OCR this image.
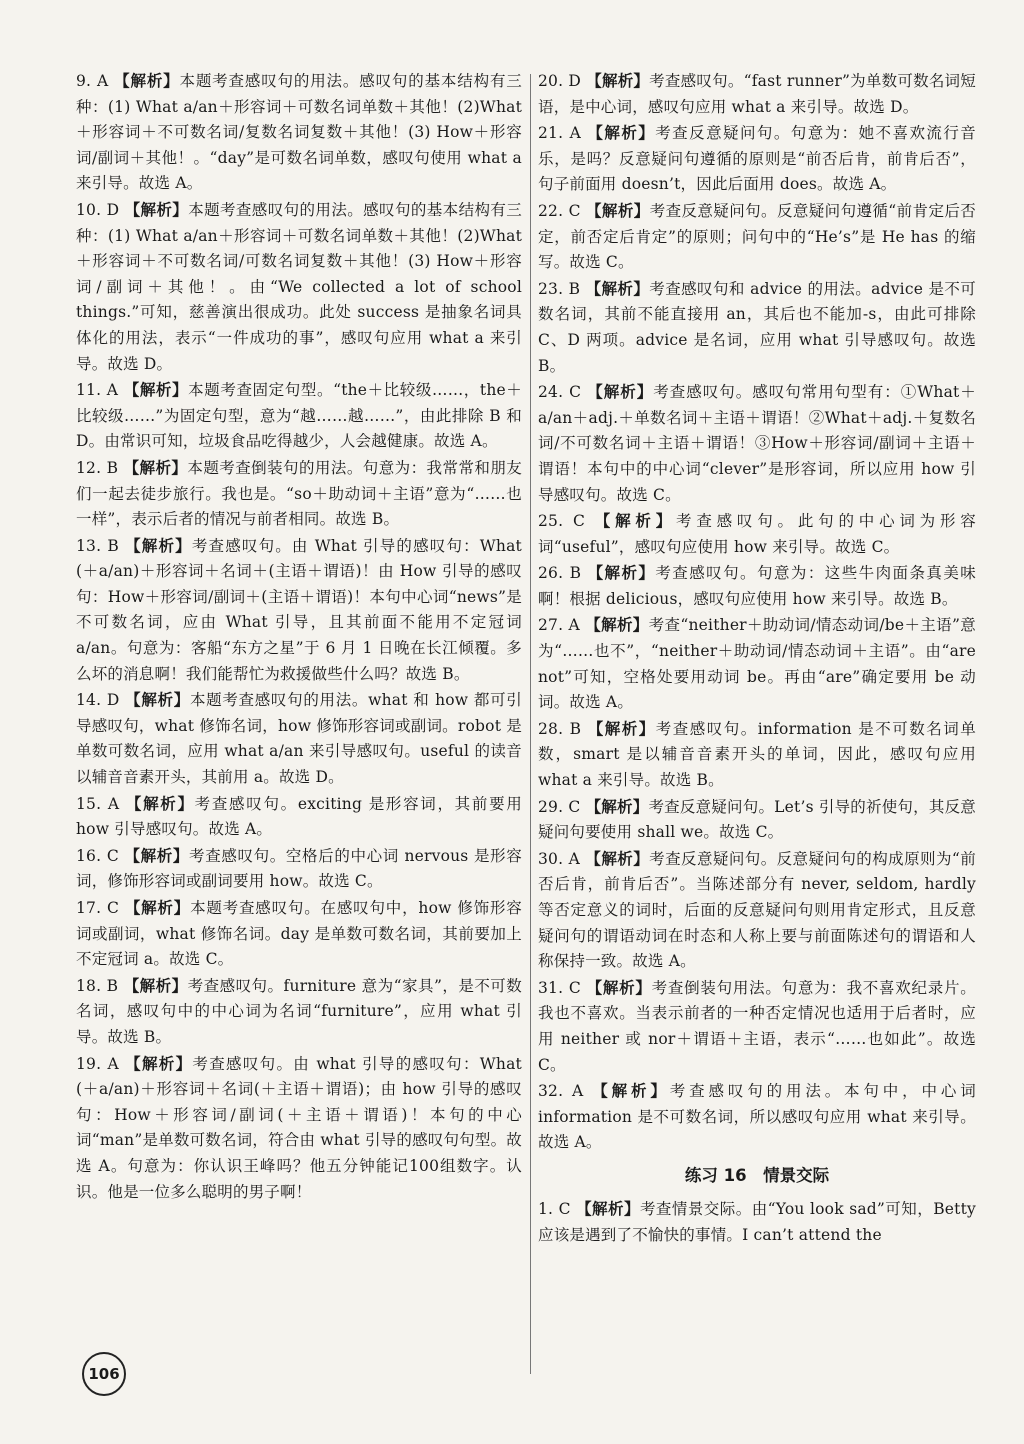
9. A 【解析】本题考查感叹句的用法。感叹句的基本结构有三种：(1) What a/an＋形容词＋可数名词单数＋其他！(2)What＋形容词＋不可数名词/复数名词复数＋其他！(3) How＋形容词/副词＋其他！。“day”是可数名词单数，感叹句使用 what a 来引导。故选 A。

10. D 【解析】本题考查感叹句的用法。感叹句的基本结构有三种：(1) What a/an＋形容词＋可数名词单数＋其他！(2)What＋形容词＋不可数名词/可数名词复数＋其他！(3) How＋形容词/副词＋其他！。由“We collected a lot of school things.”可知，慈善演出很成功。此处 success 是抽象名词具体化的用法，表示“一件成功的事”，感叹句应用 what a 来引导。故选 D。

11. A 【解析】本题考查固定句型。“the＋比较级……，the＋比较级……”为固定句型，意为“越……越……”，由此排除 B 和 D。由常识可知，垃圾食品吃得越少，人会越健康。故选 A。

12. B 【解析】本题考查倒装句的用法。句意为：我常常和朋友们一起去徒步旅行。我也是。“so＋助动词＋主语”意为“……也一样”，表示后者的情况与前者相同。故选 B。

13. B 【解析】考查感叹句。由 What 引导的感叹句：What (＋a/an)＋形容词＋名词＋(主语＋谓语)！由 How 引导的感叹句：How＋形容词/副词＋(主语＋谓语)！本句中心词“news”是不可数名词，应由 What 引导，且其前面不能用不定冠词 a/an。句意为：客船“东方之星”于 6 月 1 日晚在长江倾覆。多么坏的消息啊！我们能帮忙为救援做些什么吗？故选 B。

14. D 【解析】本题考查感叹句的用法。what 和 how 都可引导感叹句，what 修饰名词，how 修饰形容词或副词。robot 是单数可数名词，应用 what a/an 来引导感叹句。useful 的读音以辅音音素开头，其前用 a。故选 D。

15. A 【解析】考查感叹句。exciting 是形容词，其前要用 how 引导感叹句。故选 A。

16. C 【解析】考查感叹句。空格后的中心词 nervous 是形容词，修饰形容词或副词要用 how。故选 C。

17. C 【解析】本题考查感叹句。在感叹句中，how 修饰形容词或副词，what 修饰名词。day 是单数可数名词，其前要加上不定冠词 a。故选 C。

18. B 【解析】考查感叹句。furniture 意为“家具”，是不可数名词，感叹句中的中心词为名词“furniture”，应用 what 引导。故选 B。

19. A 【解析】考查感叹句。由 what 引导的感叹句：What (＋a/an)＋形容词＋名词(＋主语＋谓语)；由 how 引导的感叹句：How＋形容词/副词(＋主语＋谓语)！本句的中心词“man”是单数可数名词，符合由 what 引导的感叹句句型。故选 A。句意为：你认识王峰吗？他五分钟能记100组数字。认识。他是一位多么聪明的男子啊！

20. D 【解析】考查感叹句。“fast runner”为单数可数名词短语，是中心词，感叹句应用 what a 来引导。故选 D。

21. A 【解析】考查反意疑问句。句意为：她不喜欢流行音乐，是吗？反意疑问句遵循的原则是“前否后肯，前肯后否”，句子前面用 doesn’t，因此后面用 does。故选 A。

22. C 【解析】考查反意疑问句。反意疑问句遵循“前肯定后否定，前否定后肯定”的原则；问句中的“He’s”是 He has 的缩写。故选 C。

23. B 【解析】考查感叹句和 advice 的用法。advice 是不可数名词，其前不能直接用 an，其后也不能加-s，由此可排除 C、D 两项。advice 是名词，应用 what 引导感叹句。故选 B。

24. C 【解析】考查感叹句。感叹句常用句型有：①What＋a/an＋adj.＋单数名词＋主语＋谓语！②What＋adj.＋复数名词/不可数名词＋主语＋谓语！③How＋形容词/副词＋主语＋谓语！本句中的中心词“clever”是形容词，所以应用 how 引导感叹句。故选 C。

25. C 【解析】考查感叹句。此句的中心词为形容词“useful”，感叹句应使用 how 来引导。故选 C。

26. B 【解析】考查感叹句。句意为：这些牛肉面条真美味啊！根据 delicious，感叹句应使用 how 来引导。故选 B。

27. A 【解析】考查“neither＋助动词/情态动词/be＋主语”意为“……也不”，“neither＋助动词/情态动词＋主语”。由“are not”可知，空格处要用动词 be。再由“are”确定要用 be 动词。故选 A。

28. B 【解析】考查感叹句。information 是不可数名词单数，smart 是以辅音音素开头的单词，因此，感叹句应用 what a 来引导。故选 B。

29. C 【解析】考查反意疑问句。Let’s 引导的祈使句，其反意疑问句要使用 shall we。故选 C。

30. A 【解析】考查反意疑问句。反意疑问句的构成原则为“前否后肯，前肯后否”。当陈述部分有 never, seldom, hardly 等否定意义的词时，后面的反意疑问句则用肯定形式，且反意疑问句的谓语动词在时态和人称上要与前面陈述句的谓语和人称保持一致。故选 A。

31. C 【解析】考查倒装句用法。句意为：我不喜欢纪录片。我也不喜欢。当表示前者的一种否定情况也适用于后者时，应用 neither 或 nor＋谓语＋主语，表示“……也如此”。故选 C。

32. A 【解析】考查感叹句的用法。本句中，中心词 information 是不可数名词，所以感叹句应用 what 来引导。故选 A。

练习 16　情景交际

1. C 【解析】考查情景交际。由“You look sad”可知，Betty 应该是遇到了不愉快的事情。I can’t attend the

106
